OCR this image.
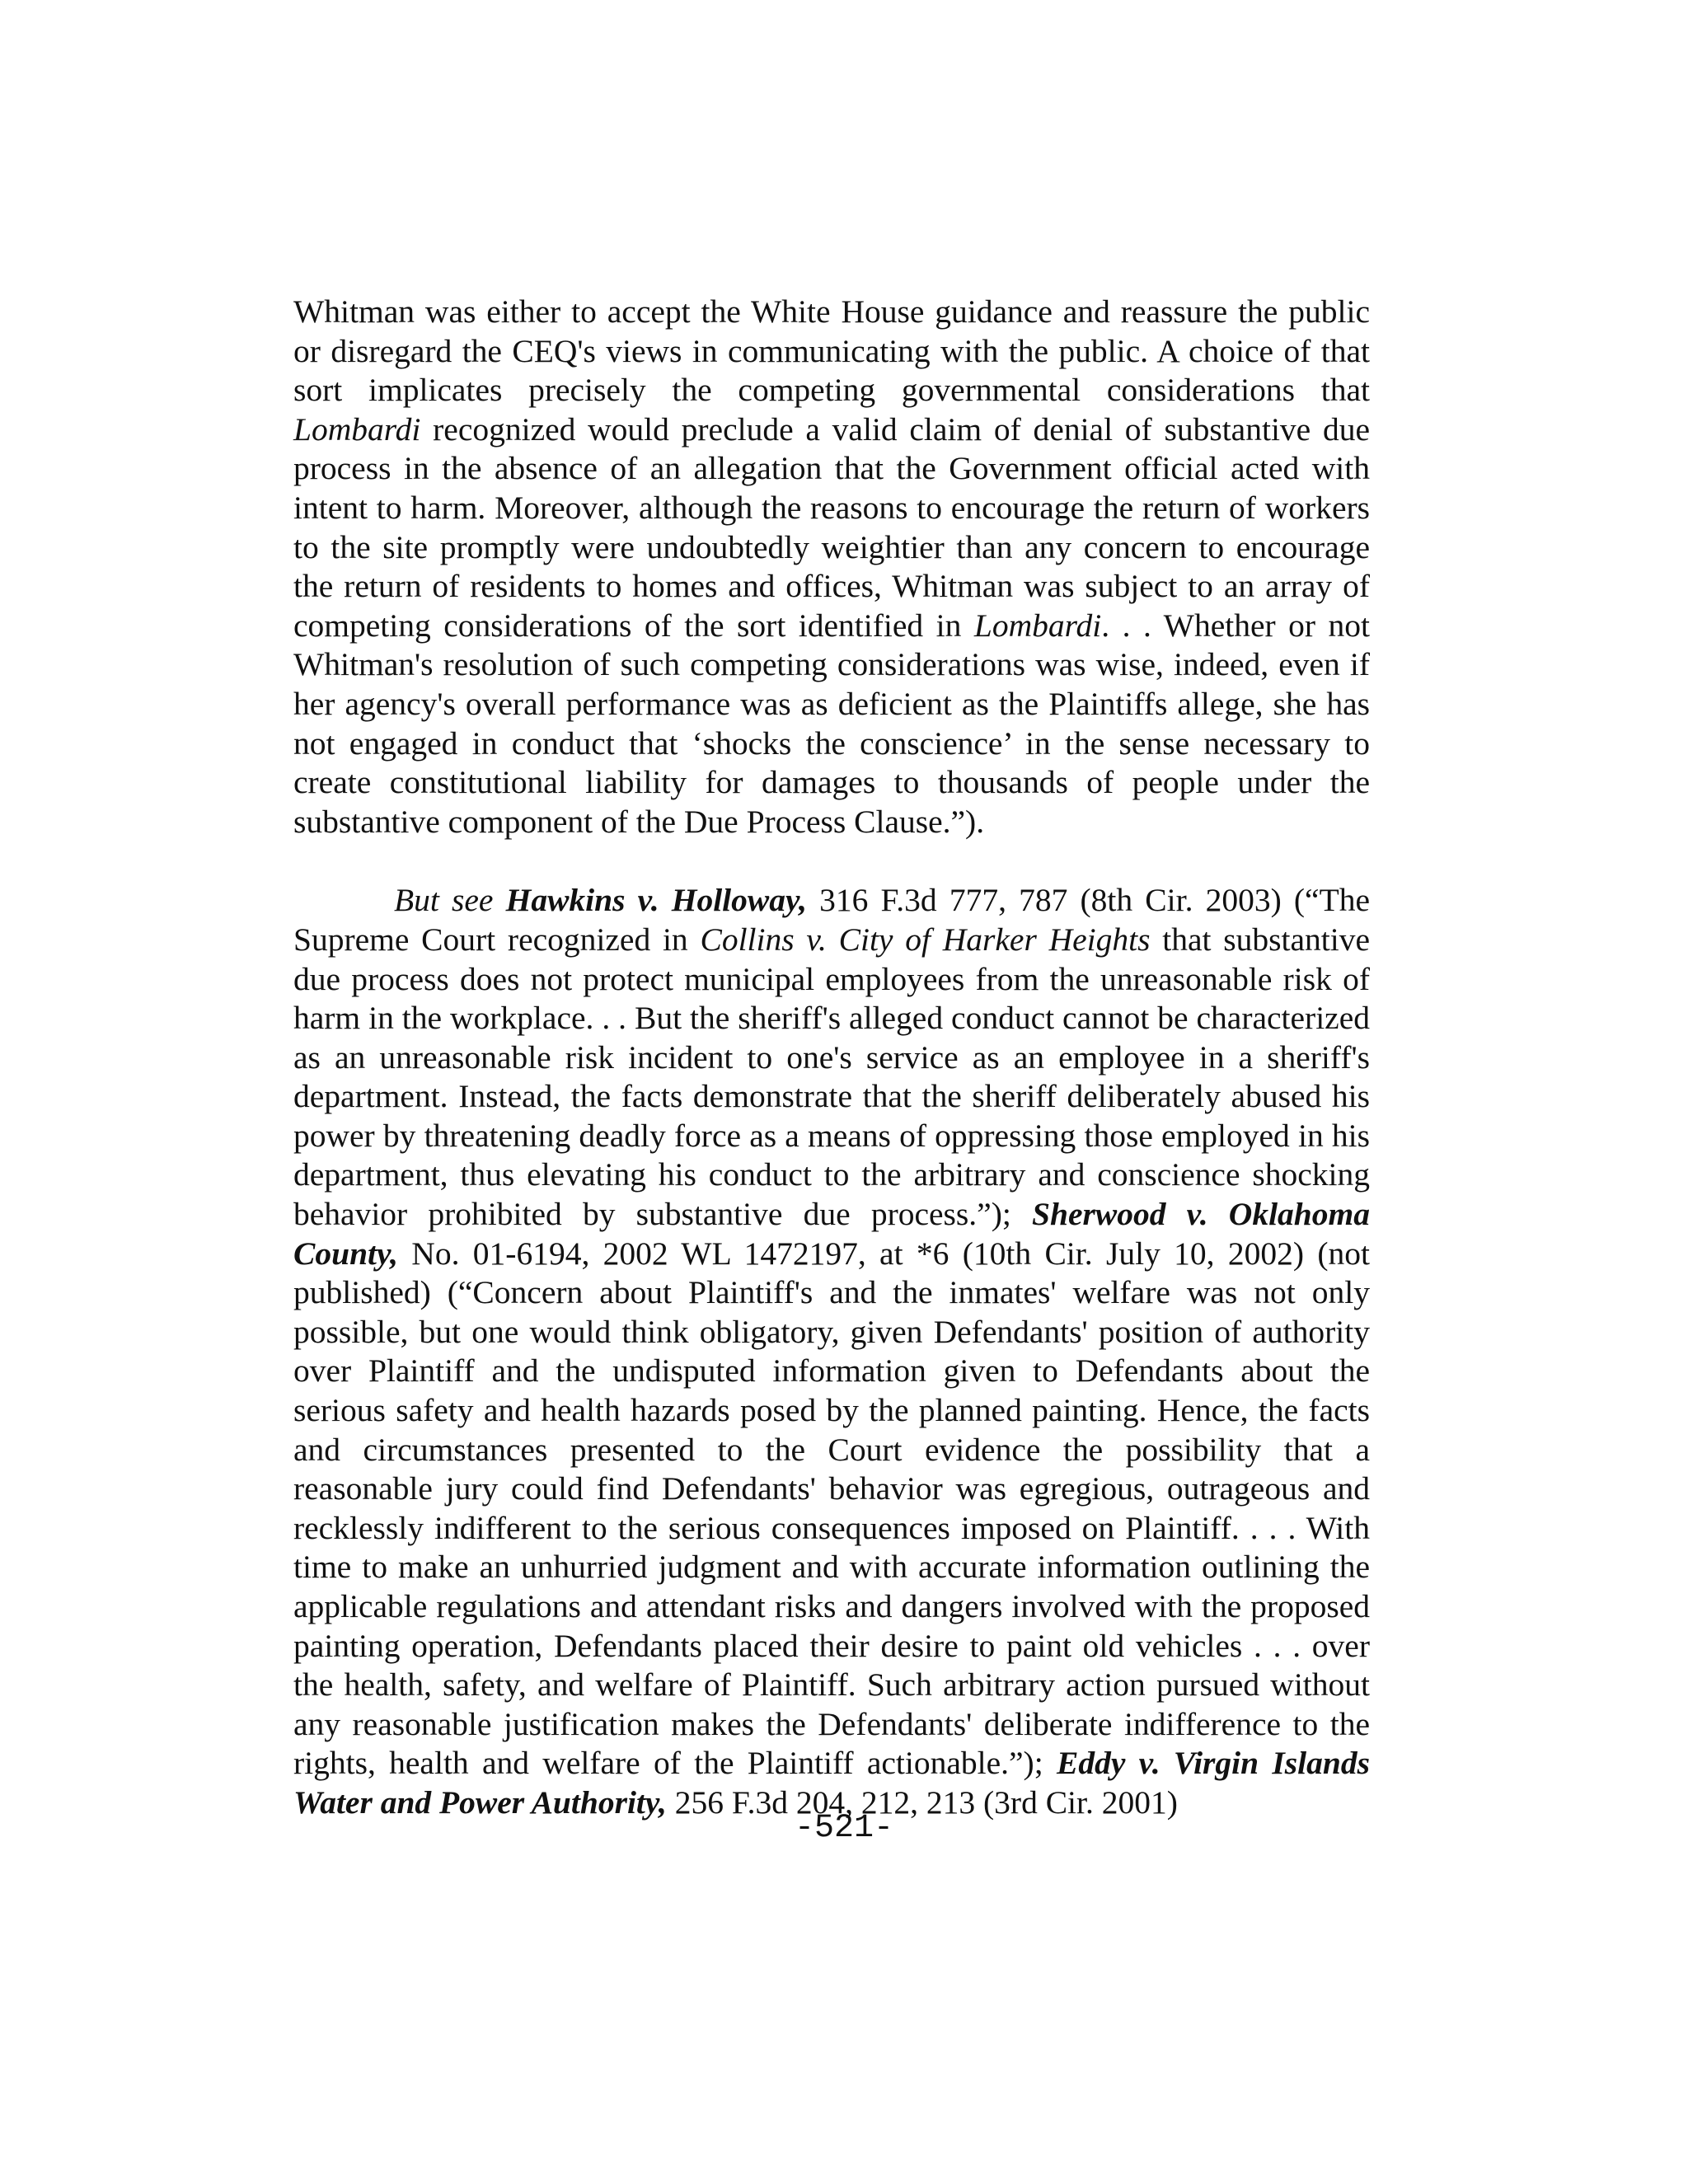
Whitman was either to accept the White House guidance and reassure the public or disregard the CEQ's views in communicating with the public. A choice of that sort implicates precisely the competing governmental considerations that Lombardi recognized would preclude a valid claim of denial of substantive due process in the absence of an allegation that the Government official acted with intent to harm. Moreover, although the reasons to encourage the return of workers to the site promptly were undoubtedly weightier than any concern to encourage the return of residents to homes and offices, Whitman was subject to an array of competing considerations of the sort identified in Lombardi. . . Whether or not Whitman's resolution of such competing considerations was wise, indeed, even if her agency's overall performance was as deficient as the Plaintiffs allege, she has not engaged in conduct that ‘shocks the conscience’ in the sense necessary to create constitutional liability for damages to thousands of people under the substantive component of the Due Process Clause.”).

But see Hawkins v. Holloway, 316 F.3d 777, 787 (8th Cir. 2003) (“The Supreme Court recognized in Collins v. City of Harker Heights that substantive due process does not protect municipal employees from the unreasonable risk of harm in the workplace. . . But the sheriff's alleged conduct cannot be characterized as an unreasonable risk incident to one's service as an employee in a sheriff's department. Instead, the facts demonstrate that the sheriff deliberately abused his power by threatening deadly force as a means of oppressing those employed in his department, thus elevating his conduct to the arbitrary and conscience shocking behavior prohibited by substantive due process.”); Sherwood v. Oklahoma County, No. 01-6194, 2002 WL 1472197, at *6 (10th Cir. July 10, 2002) (not published) (“Concern about Plaintiff's and the inmates' welfare was not only possible, but one would think obligatory, given Defendants' position of authority over Plaintiff and the undisputed information given to Defendants about the serious safety and health hazards posed by the planned painting. Hence, the facts and circumstances presented to the Court evidence the possibility that a reasonable jury could find Defendants' behavior was egregious, outrageous and recklessly indifferent to the serious consequences imposed on Plaintiff. . . . With time to make an unhurried judgment and with accurate information outlining the applicable regulations and attendant risks and dangers involved with the proposed painting operation, Defendants placed their desire to paint old vehicles . . . over the health, safety, and welfare of Plaintiff. Such arbitrary action pursued without any reasonable justification makes the Defendants' deliberate indifference to the rights, health and welfare of the Plaintiff actionable.”); Eddy v. Virgin Islands Water and Power Authority, 256 F.3d 204, 212, 213 (3rd Cir. 2001)

-521-
